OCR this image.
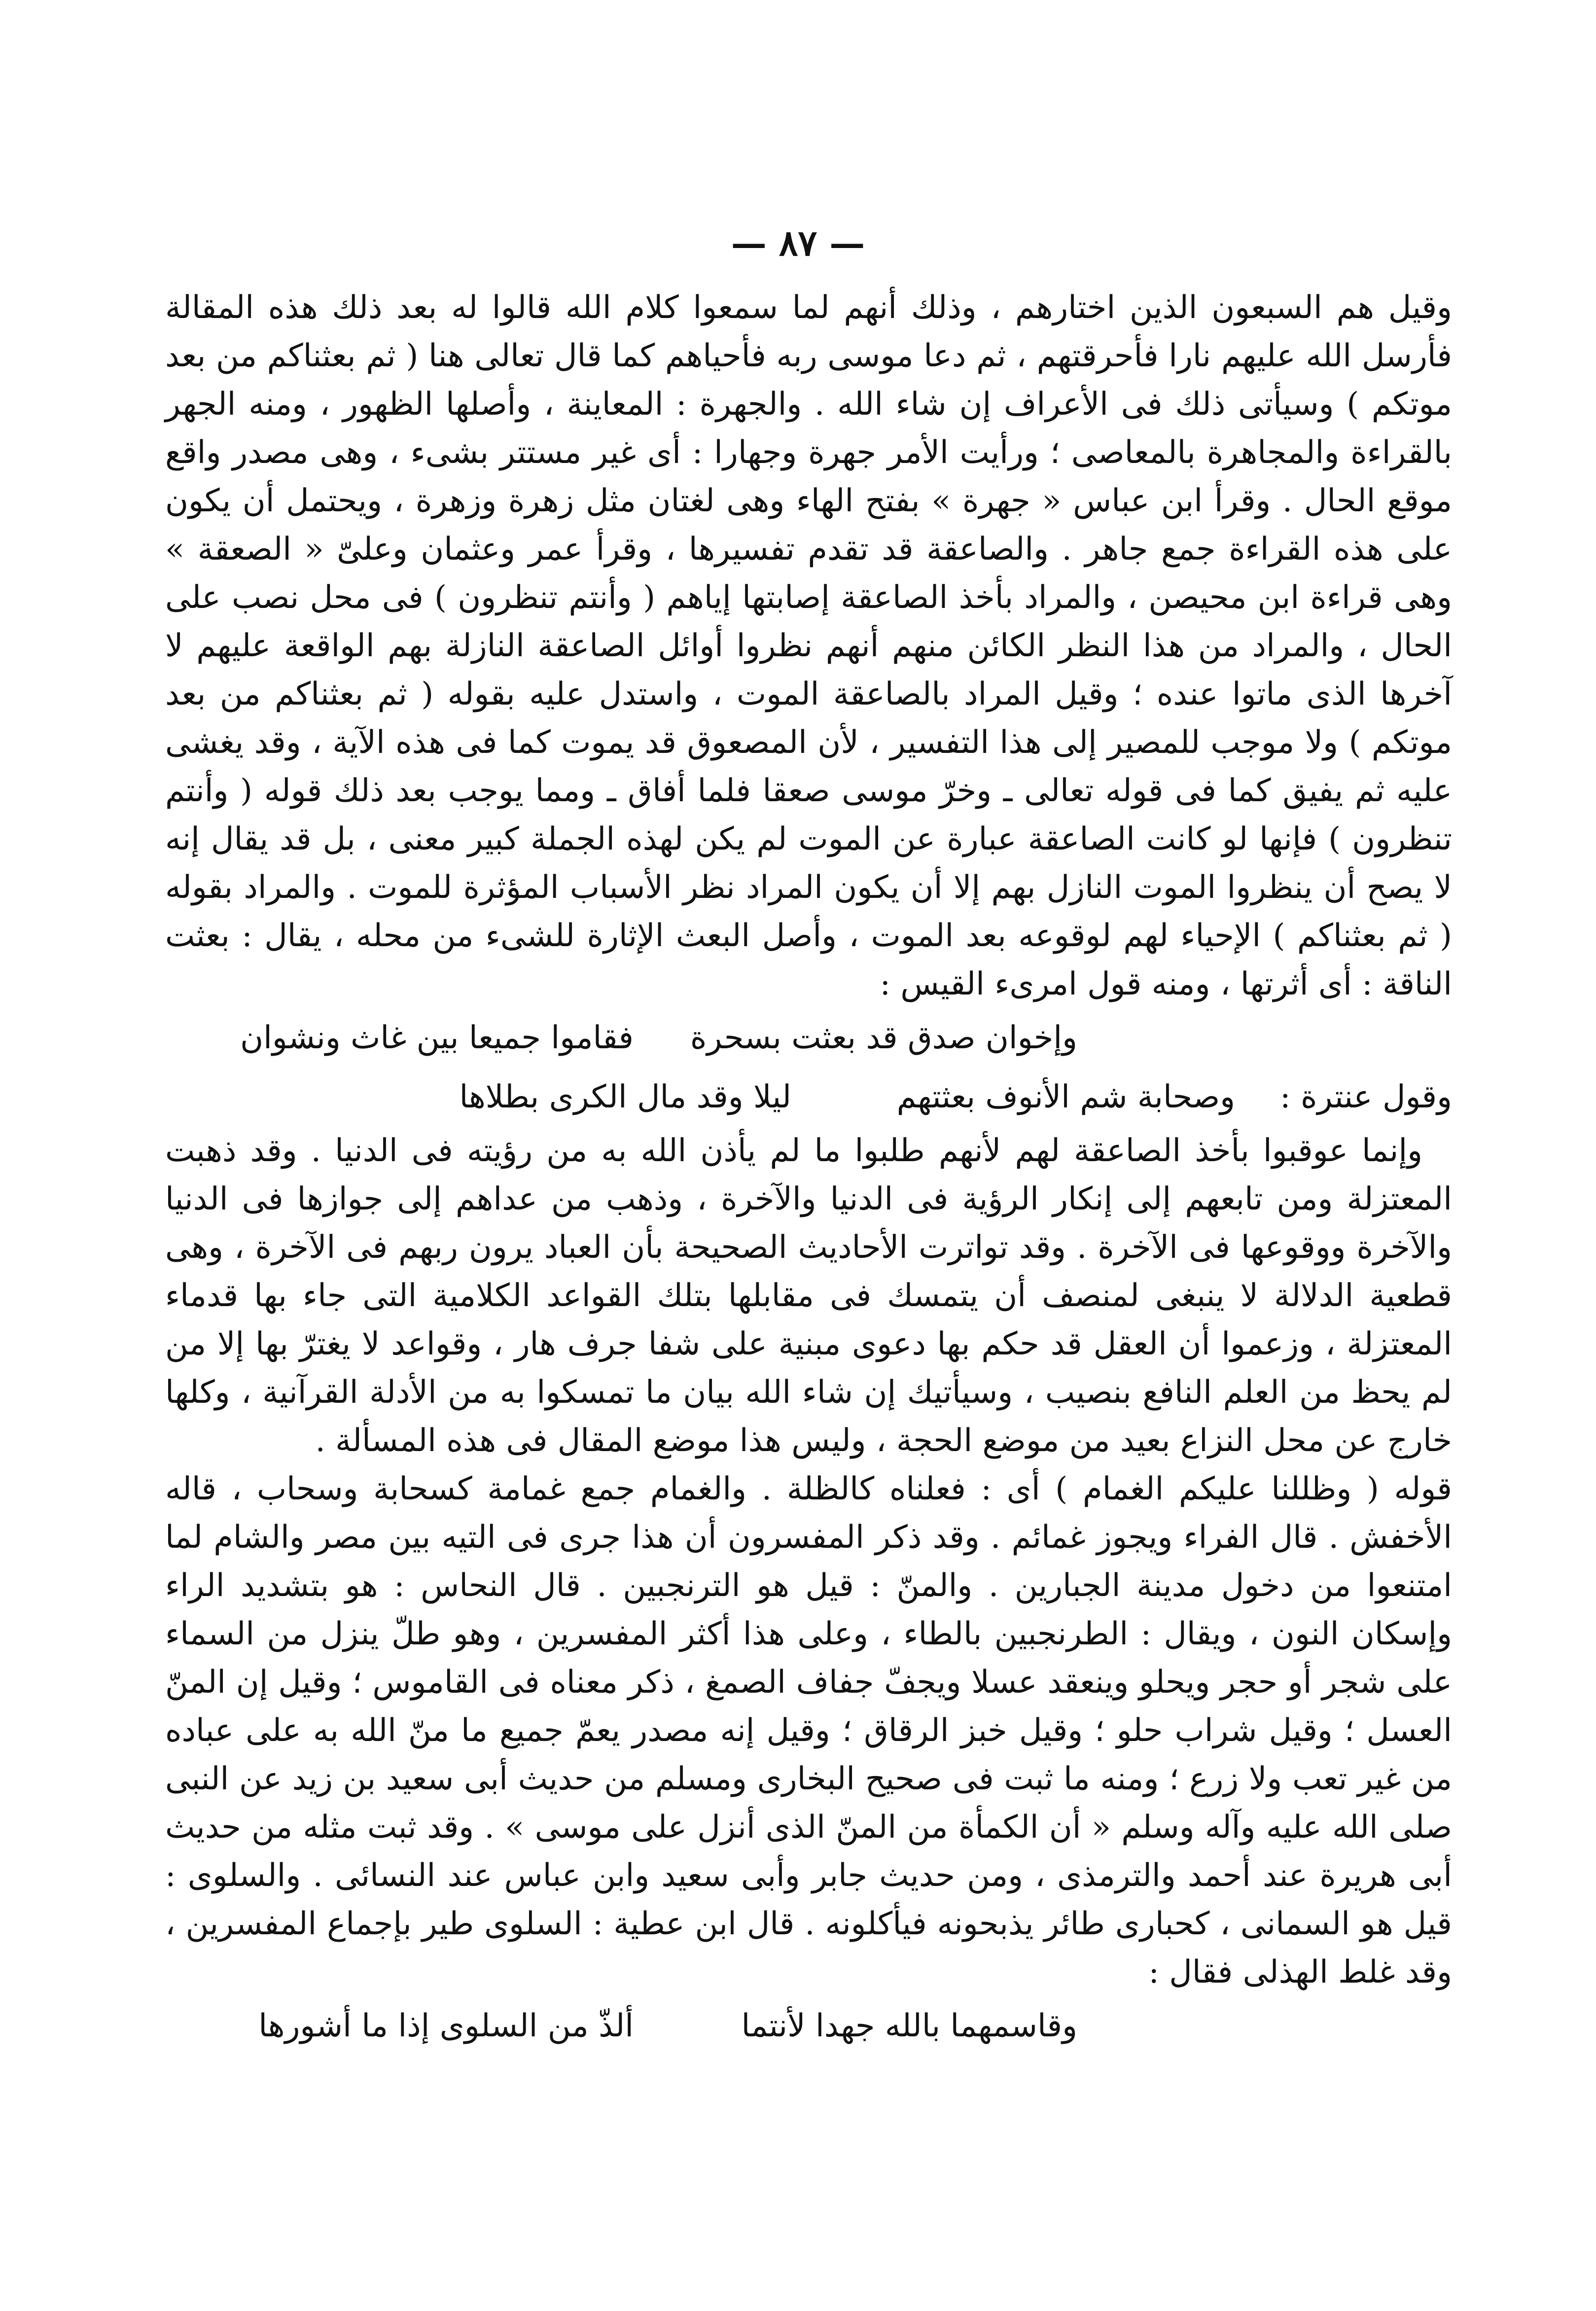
— ٨٧ —

وقيل هم السبعون الذين اختارهم ، وذلك أنهم لما سمعوا كلام الله قالوا له بعد ذلك هذه المقالة فأرسل الله عليهم نارا فأحرقتهم ، ثم دعا موسى ربه فأحياهم كما قال تعالى هنا ( ثم بعثناكم من بعد موتكم ) وسيأتى ذلك فى الأعراف إن شاء الله . والجهرة : المعاينة ، وأصلها الظهور ، ومنه الجهر بالقراءة والمجاهرة بالمعاصى ؛ ورأيت الأمر جهرة وجهارا : أى غير مستتر بشىء ، وهى مصدر واقع موقع الحال . وقرأ ابن عباس « جهرة » بفتح الهاء وهى لغتان مثل زهرة وزهرة ، ويحتمل أن يكون على هذه القراءة جمع جاهر . والصاعقة قد تقدم تفسيرها ، وقرأ عمر وعثمان وعلىّ « الصعقة » وهى قراءة ابن محيصن ، والمراد بأخذ الصاعقة إصابتها إياهم ( وأنتم تنظرون ) فى محل نصب على الحال ، والمراد من هذا النظر الكائن منهم أنهم نظروا أوائل الصاعقة النازلة بهم الواقعة عليهم لا آخرها الذى ماتوا عنده ؛ وقيل المراد بالصاعقة الموت ، واستدل عليه بقوله ( ثم بعثناكم من بعد موتكم ) ولا موجب للمصير إلى هذا التفسير ، لأن المصعوق قد يموت كما فى هذه الآية ، وقد يغشى عليه ثم يفيق كما فى قوله تعالى ـ وخرّ موسى صعقا فلما أفاق ـ ومما يوجب بعد ذلك قوله ( وأنتم تنظرون ) فإنها لو كانت الصاعقة عبارة عن الموت لم يكن لهذه الجملة كبير معنى ، بل قد يقال إنه لا يصح أن ينظروا الموت النازل بهم إلا أن يكون المراد نظر الأسباب المؤثرة للموت . والمراد بقوله ( ثم بعثناكم ) الإحياء لهم لوقوعه بعد الموت ، وأصل البعث الإثارة للشىء من محله ، يقال : بعثت الناقة : أى أثرتها ، ومنه قول امرىء القيس :

وإخوان صدق قد بعثت بسحرة
فقاموا جميعا بين غاث ونشوان
وقول عنترة :
وصحابة شم الأنوف بعثتهم
ليلا وقد مال الكرى بطلاها

وإنما عوقبوا بأخذ الصاعقة لهم لأنهم طلبوا ما لم يأذن الله به من رؤيته فى الدنيا . وقد ذهبت المعتزلة ومن تابعهم إلى إنكار الرؤية فى الدنيا والآخرة ، وذهب من عداهم إلى جوازها فى الدنيا والآخرة ووقوعها فى الآخرة . وقد تواترت الأحاديث الصحيحة بأن العباد يرون ربهم فى الآخرة ، وهى قطعية الدلالة لا ينبغى لمنصف أن يتمسك فى مقابلها بتلك القواعد الكلامية التى جاء بها قدماء المعتزلة ، وزعموا أن العقل قد حكم بها دعوى مبنية على شفا جرف هار ، وقواعد لا يغترّ بها إلا من لم يحظ من العلم النافع بنصيب ، وسيأتيك إن شاء الله بيان ما تمسكوا به من الأدلة القرآنية ، وكلها خارج عن محل النزاع بعيد من موضع الحجة ، وليس هذا موضع المقال فى هذه المسألة .

قوله ( وظللنا عليكم الغمام ) أى : فعلناه كالظلة . والغمام جمع غمامة كسحابة وسحاب ، قاله الأخفش . قال الفراء ويجوز غمائم . وقد ذكر المفسرون أن هذا جرى فى التيه بين مصر والشام لما امتنعوا من دخول مدينة الجبارين . والمنّ : قيل هو الترنجبين . قال النحاس : هو بتشديد الراء وإسكان النون ، ويقال : الطرنجبين بالطاء ، وعلى هذا أكثر المفسرين ، وهو طلّ ينزل من السماء على شجر أو حجر ويحلو وينعقد عسلا ويجفّ جفاف الصمغ ، ذكر معناه فى القاموس ؛ وقيل إن المنّ العسل ؛ وقيل شراب حلو ؛ وقيل خبز الرقاق ؛ وقيل إنه مصدر يعمّ جميع ما منّ الله به على عباده من غير تعب ولا زرع ؛ ومنه ما ثبت فى صحيح البخارى ومسلم من حديث أبى سعيد بن زيد عن النبى صلى الله عليه وآله وسلم « أن الكمأة من المنّ الذى أنزل على موسى » . وقد ثبت مثله من حديث أبى هريرة عند أحمد والترمذى ، ومن حديث جابر وأبى سعيد وابن عباس عند النسائى . والسلوى : قيل هو السمانى ، كحبارى طائر يذبحونه فيأكلونه . قال ابن عطية : السلوى طير بإجماع المفسرين ، وقد غلط الهذلى فقال :

وقاسمهما بالله جهدا لأنتما
ألذّ من السلوى إذا ما أشورها
